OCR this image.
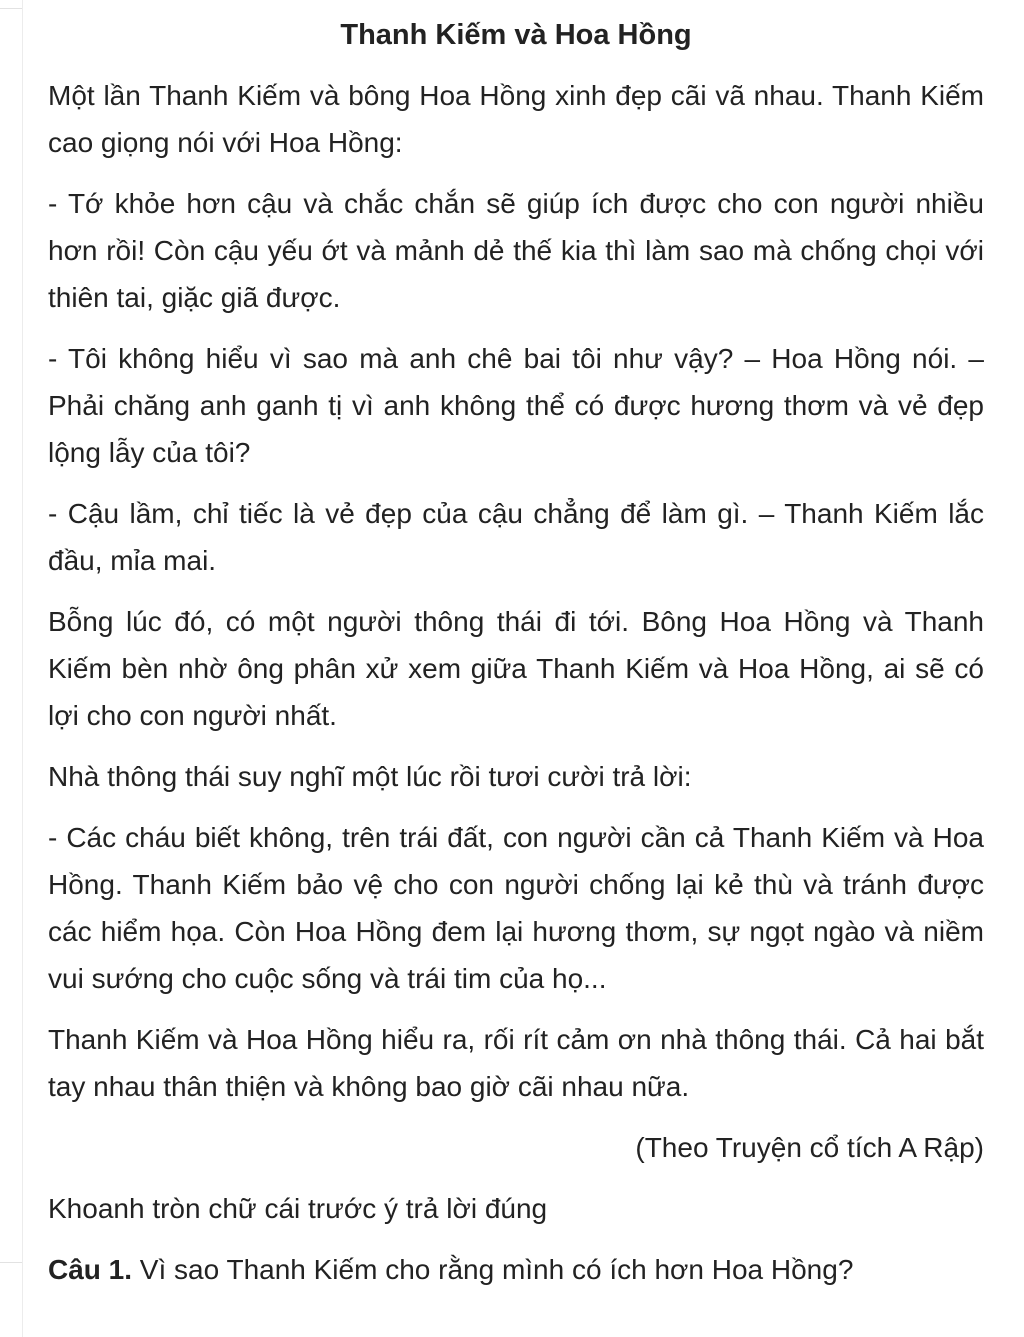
Thanh Kiếm và Hoa Hồng

Một lần Thanh Kiếm và bông Hoa Hồng xinh đẹp cãi vã nhau. Thanh Kiếm cao giọng nói với Hoa Hồng:

- Tớ khỏe hơn cậu và chắc chắn sẽ giúp ích được cho con người nhiều hơn rồi! Còn cậu yếu ớt và mảnh dẻ thế kia thì làm sao mà chống chọi với thiên tai, giặc giã được.

- Tôi không hiểu vì sao mà anh chê bai tôi như vậy? – Hoa Hồng nói. – Phải chăng anh ganh tị vì anh không thể có được hương thơm và vẻ đẹp lộng lẫy của tôi?

- Cậu lầm, chỉ tiếc là vẻ đẹp của cậu chẳng để làm gì. – Thanh Kiếm lắc đầu, mỉa mai.

Bỗng lúc đó, có một người thông thái đi tới. Bông Hoa Hồng và Thanh Kiếm bèn nhờ ông phân xử xem giữa Thanh Kiếm và Hoa Hồng, ai sẽ có lợi cho con người nhất.

Nhà thông thái suy nghĩ một lúc rồi tươi cười trả lời:

- Các cháu biết không, trên trái đất, con người cần cả Thanh Kiếm và Hoa Hồng. Thanh Kiếm bảo vệ cho con người chống lại kẻ thù và tránh được các hiểm họa. Còn Hoa Hồng đem lại hương thơm, sự ngọt ngào và niềm vui sướng cho cuộc sống và trái tim của họ...

Thanh Kiếm và Hoa Hồng hiểu ra, rối rít cảm ơn nhà thông thái. Cả hai bắt tay nhau thân thiện và không bao giờ cãi nhau nữa.

(Theo Truyện cổ tích A Rập)

Khoanh tròn chữ cái trước ý trả lời đúng

Câu 1. Vì sao Thanh Kiếm cho rằng mình có ích hơn Hoa Hồng?
